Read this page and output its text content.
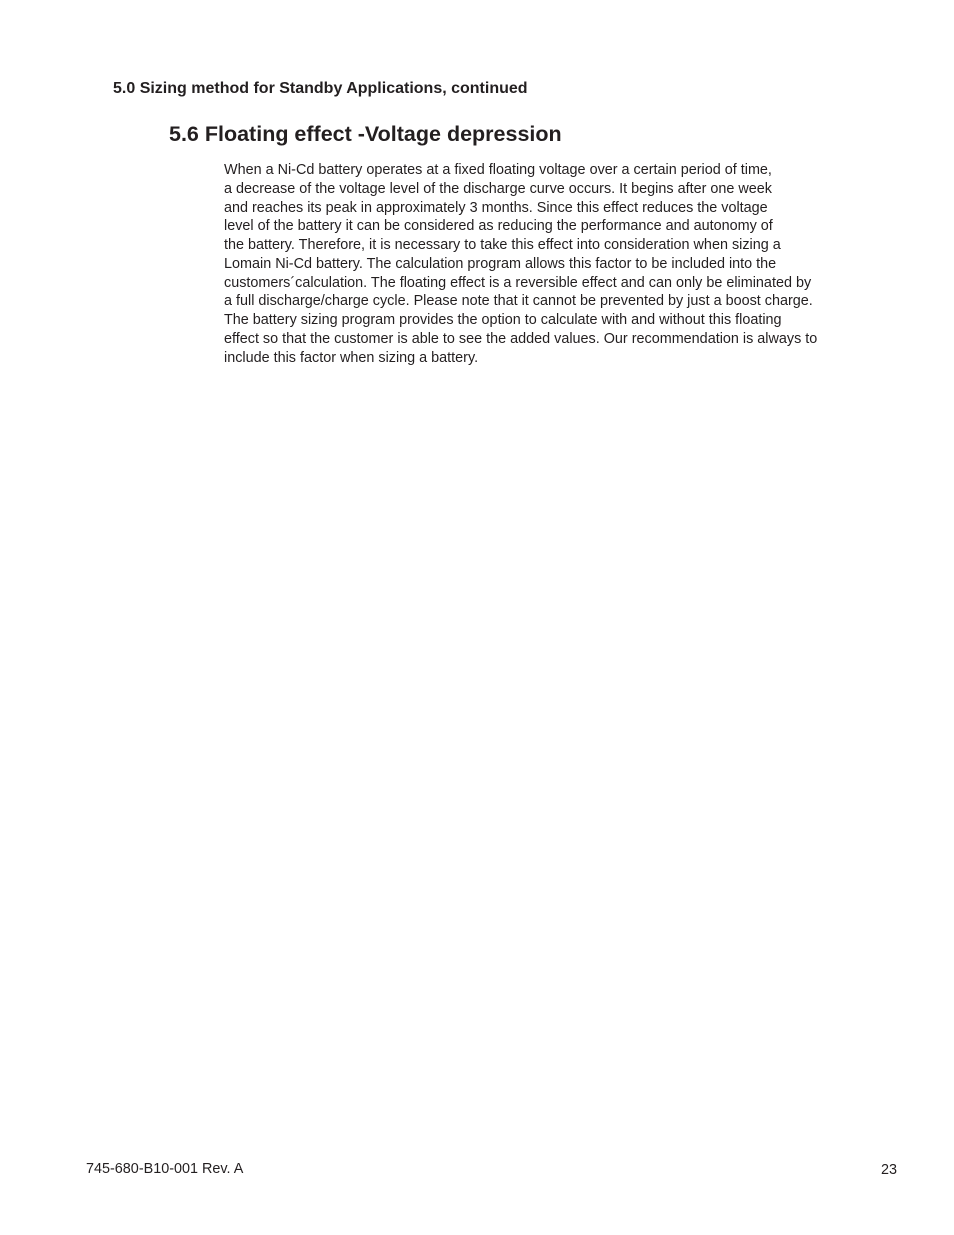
5.0 Sizing method for Standby Applications, continued
5.6 Floating effect -Voltage depression

When a Ni-Cd battery operates at a fixed floating voltage over a certain period of time,
a decrease of the voltage level of the discharge curve occurs. It begins after one week
and reaches its peak in approximately 3 months. Since this effect reduces the voltage
level of the battery it can be considered as reducing the performance and autonomy of
the battery. Therefore, it is necessary to take this effect into consideration when sizing a
Lomain Ni-Cd battery. The calculation program allows this factor to be included into the
customers´calculation. The floating effect is a reversible effect and can only be eliminated by
a full discharge/charge cycle. Please note that it cannot be prevented by just a boost charge.
The battery sizing program provides the option to calculate with and without this floating
effect so that the customer is able to see the added values. Our recommendation is always to
include this factor when sizing a battery.

745-680-B10-001 Rev. A	23
